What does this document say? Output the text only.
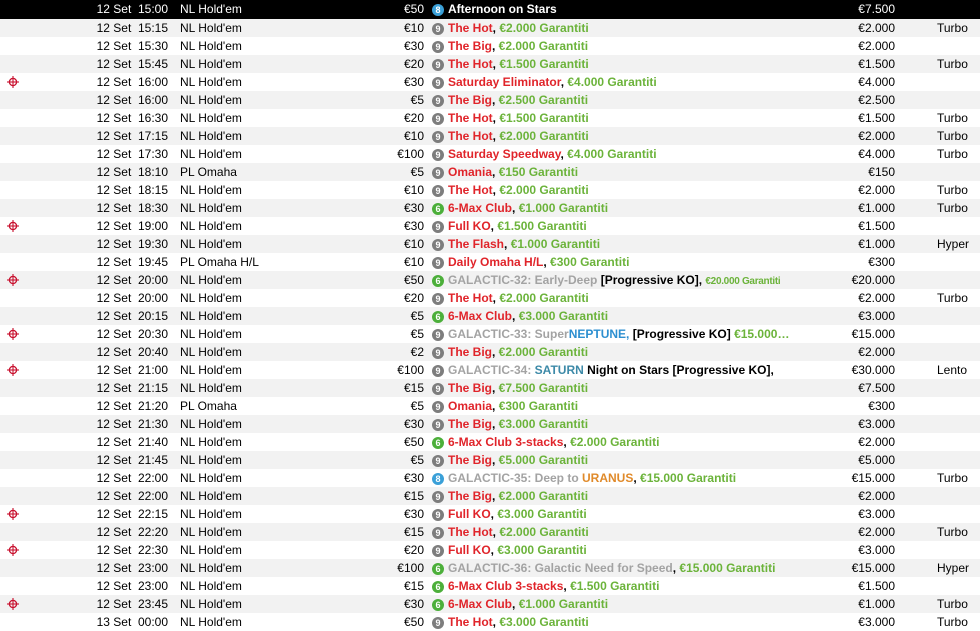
12 Set  15:00 NL Hold'em	€50	8 Afternoon on Stars, €7.500 Garantiti	€7.500
12 Set  15:15 NL Hold'em	€10	9 The Hot, €2.000 Garantiti	€2.000	Turbo
12 Set  15:30 NL Hold'em	€30	9 The Big, €2.000 Garantiti	€2.000
12 Set  15:45 NL Hold'em	€20	9 The Hot, €1.500 Garantiti	€1.500	Turbo
12 Set  16:00 NL Hold'em	€30	9 Saturday Eliminator, €4.000 Garantiti	€4.000
12 Set  16:00 NL Hold'em	€5	9 The Big, €2.500 Garantiti	€2.500
12 Set  16:30 NL Hold'em	€20	9 The Hot, €1.500 Garantiti	€1.500	Turbo
12 Set  17:15 NL Hold'em	€10	9 The Hot, €2.000 Garantiti	€2.000	Turbo
12 Set  17:30 NL Hold'em	€100	9 Saturday Speedway, €4.000 Garantiti	€4.000	Turbo
12 Set  18:10 PL Omaha	€5	9 Omania, €150 Garantiti	€150
12 Set  18:15 NL Hold'em	€10	9 The Hot, €2.000 Garantiti	€2.000	Turbo
12 Set  18:30 NL Hold'em	€30	6 6-Max Club, €1.000 Garantiti	€1.000	Turbo
12 Set  19:00 NL Hold'em	€30	9 Full KO, €1.500 Garantiti	€1.500
12 Set  19:30 NL Hold'em	€10	9 The Flash, €1.000 Garantiti	€1.000	Hyper
12 Set  19:45 PL Omaha H/L	€10	9 Daily Omaha H/L, €300 Garantiti	€300
12 Set  20:00 NL Hold'em	€50	6 GALACTIC-32: Early-Deep [Progressive KO], €20.000 Garantiti	€20.000
12 Set  20:00 NL Hold'em	€20	9 The Hot, €2.000 Garantiti	€2.000	Turbo
12 Set  20:15 NL Hold'em	€5	6 6-Max Club, €3.000 Garantiti	€3.000
12 Set  20:30 NL Hold'em	€5	9 GALACTIC-33: SuperNEPTUNE, [Progressive KO] €15.000…	€15.000
12 Set  20:40 NL Hold'em	€2	9 The Big, €2.000 Garantiti	€2.000
12 Set  21:00 NL Hold'em	€100	9 GALACTIC-34: SATURN Night on Stars [Progressive KO],	€30.000	Lento
12 Set  21:15 NL Hold'em	€15	9 The Big, €7.500 Garantiti	€7.500
12 Set  21:20 PL Omaha	€5	9 Omania, €300 Garantiti	€300
12 Set  21:30 NL Hold'em	€30	9 The Big, €3.000 Garantiti	€3.000
12 Set  21:40 NL Hold'em	€50	6 6-Max Club 3-stacks, €2.000 Garantiti	€2.000
12 Set  21:45 NL Hold'em	€5	9 The Big, €5.000 Garantiti	€5.000
12 Set  22:00 NL Hold'em	€30	8 GALACTIC-35: Deep to URANUS, €15.000 Garantiti	€15.000	Turbo
12 Set  22:00 NL Hold'em	€15	9 The Big, €2.000 Garantiti	€2.000
12 Set  22:15 NL Hold'em	€30	9 Full KO, €3.000 Garantiti	€3.000
12 Set  22:20 NL Hold'em	€15	9 The Hot, €2.000 Garantiti	€2.000	Turbo
12 Set  22:30 NL Hold'em	€20	9 Full KO, €3.000 Garantiti	€3.000
12 Set  23:00 NL Hold'em	€100	6 GALACTIC-36: Galactic Need for Speed, €15.000 Garantiti	€15.000	Hyper
12 Set  23:00 NL Hold'em	€15	6 6-Max Club 3-stacks, €1.500 Garantiti	€1.500
12 Set  23:45 NL Hold'em	€30	6 6-Max Club, €1.000 Garantiti	€1.000	Turbo
13 Set  00:00 NL Hold'em	€50	9 The Hot, €3.000 Garantiti	€3.000	Turbo
